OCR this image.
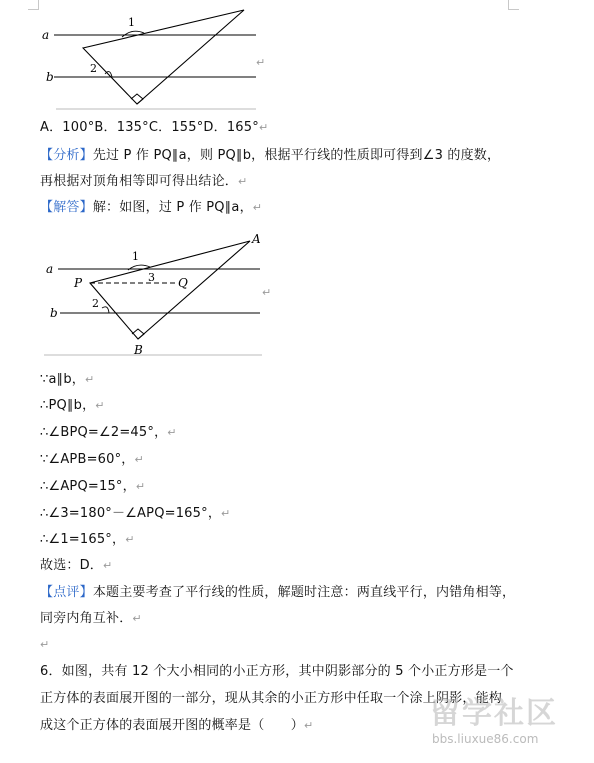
a
b
1
2	↵
A．100°B．135°C．155°D．165°↵
【分析】先过 P 作 PQ∥a，则 PQ∥b，根据平行线的性质即可得到∠3 的度数，
再根据对顶角相等即可得出结论．↵
【解答】解：如图，过 P 作 PQ∥a，↵
a
b
A
P	Q
B
1
3
2
↵
∵a∥b，↵
∴PQ∥b，↵
∴∠BPQ=∠2=45°，↵
∵∠APB=60°，↵
∴∠APQ=15°，↵
∴∠3=180°－∠APQ=165°，↵
∴∠1=165°，↵
故选：D．↵
【点评】本题主要考查了平行线的性质，解题时注意：两直线平行，内错角相等，
同旁内角互补．↵
↵
6．如图，共有 12 个大小相同的小正方形，其中阴影部分的 5 个小正方形是一个
正方体的表面展开图的一部分，现从其余的小正方形中任取一个涂上阴影，能构
成这个正方体的表面展开图的概率是（　　）↵	留学社区
bbs.liuxue86.com
